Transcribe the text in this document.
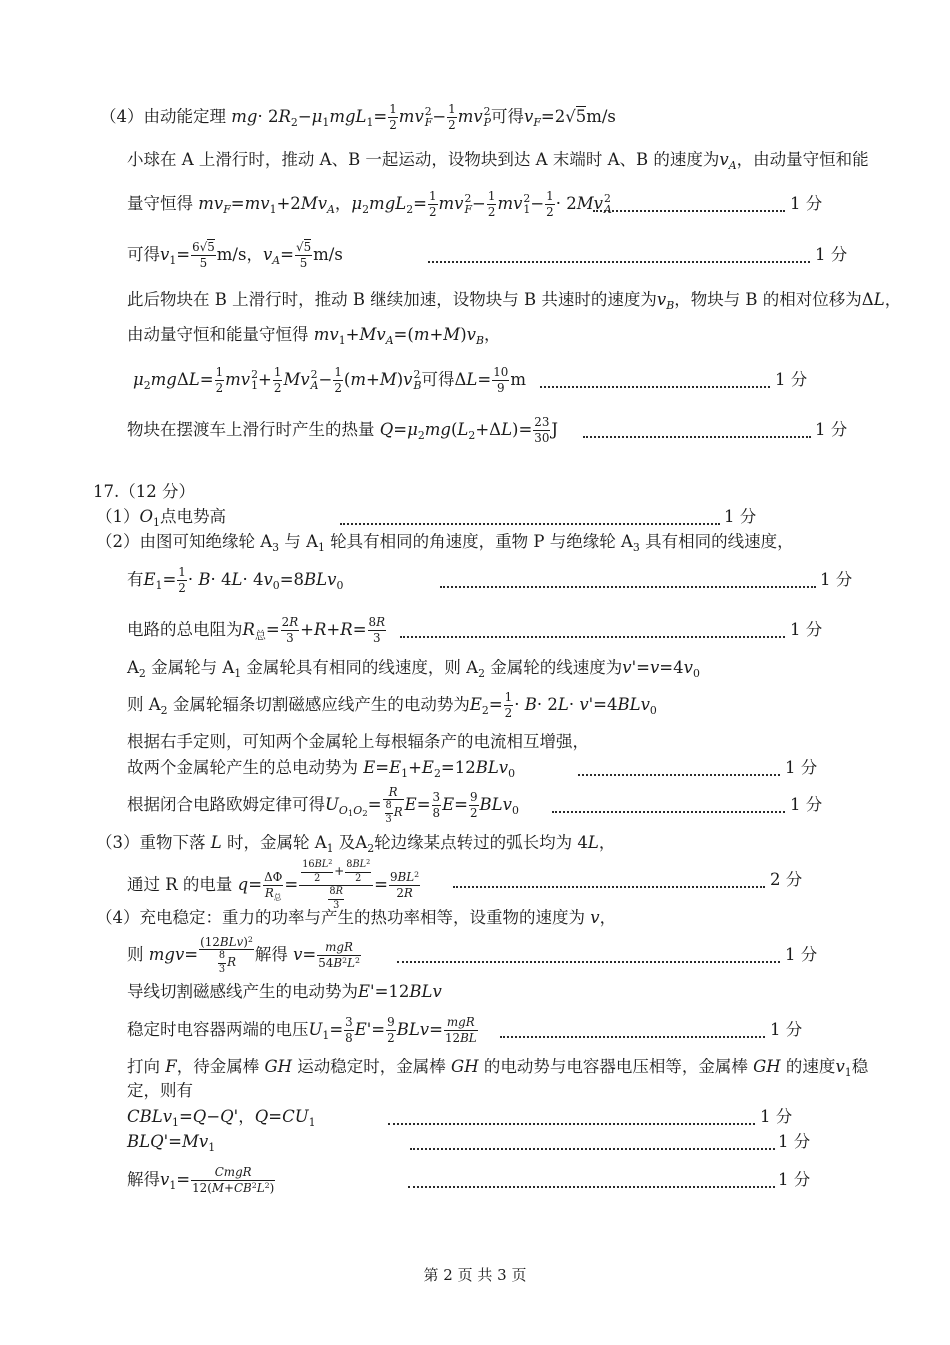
（4）由动能定理 $mg\cdot 2R_2-\mu_1mgL_1= \frac{1}{2}$ mv 2
$F - \frac{1}{2}$ mv 2
P 可得$v_F=2√5m/s$
小球在 A 上滑行时，推动 A、B 一起运动，设物块到达 A 末端时 A、B 的速度为$v_A$，由动量守恒和能
量守恒得 $mv_F=mv_1+2Mv_A$，$\mu_2mgL_2= \frac{1}{2}$ mv 2
$F - \frac{1}{2}$ mv 2
$1 - \frac{1}{2} \cdot 2Mv$ 2
A	1 分
可得$v_1= \frac{6√5}{5} m/s$，$v_A= \frac{√5}{5} m/s$	1 分
此后物块在 B 上滑行时，推动 B 继续加速，设物块与 B 共速时的速度为$v_B$，物块与 B 的相对位移为ΔL，
由动量守恒和能量守恒得 $mv_1+Mv_A=(m+M)v_B$，
$\mu_2mg\Delta L= \frac{1}{2}$ mv 2
$1 + \frac{1}{2}$ Mv 2
$A - \frac{1}{2} (m+M)v$ 2
B 可得$\Delta L= \frac{10}{9}$ m	1 分
物块在摆渡车上滑行时产生的热量 $Q=\mu_2mg(L_2+\Delta L)= \frac{23}{30}$ J	1 分
17.（12 分）
$(1)O_1$点电势高	1 分
（2）由图可知绝缘轮 $A_3$ 与 $A_1$ 轮具有相同的角速度，重物 P 与绝缘轮 $A_3$ 具有相同的线速度，
有$E_1= \frac{1}{2} \cdot B\cdot 4L\cdot 4v_0=8BLv_0$	1 分
电路的总电阻为$R_总= \frac{2R}{3} +R+R= \frac{8R}{3}$	1 分
$A_2$ 金属轮与 $A_1$ 金属轮具有相同的线速度，则 $A_2$ 金属轮的线速度为$v'=v=4v_0$
则 $A_2$ 金属轮辐条切割磁感应线产生的电动势为$E_2= \frac{1}{2} \cdot B\cdot 2L\cdot v'=4BLv_0$
根据右手定则，可知两个金属轮上每根辐条产的电流相互增强，
故两个金属轮产生的总电动势为 $E=E_1+E_2=12BLv_0$	1 分
根据闭合电路欧姆定律可得$U_{O1O2}= \frac{R}{\frac{8}{3} R} E= \frac{3}{8} E= \frac{9}{2} BLv_0$	1 分
（3）重物下落 L 时，金属轮 $A_1$ 及$A_2$轮边缘某点转过的弧长均为 4L，
通过 R 的电量 $q= \frac{\Delta\Phi}{R_总} = \frac{\frac{16BL^2}{2} + \frac{8BL^2}{2}}{\frac{8R}{3}} = \frac{9BL^2}{2R}$	2 分
（4）充电稳定：重力的功率与产生的热功率相等，设重物的速度为 v，
则 $mgv= \frac{(12BLv)^2}{\frac{8}{3} R}$ 解得 $v= \frac{\text{mgR}}{54B^2L^2}$	1 分
导线切割磁感线产生的电动势为E'=12BLv
稳定时电容器两端的电压$U_1= \frac{3}{8} E'= \frac{9}{2} BLv= \frac{\text{mgR}}{12BL}$	1 分
打向 F，待金属棒 GH 运动稳定时，金属棒 GH 的电动势与电容器电压相等，金属棒 GH 的速度$v_1$稳
定，则有
CBLv$_1$=Q−Q'，$Q=CU_1$	1 分
$BLQ'=Mv_1$	1 分
解得$v_1= \frac{\text{CmgR}}{12(M+CB^2L^2)}$	1 分
第 2 页 共 3 页
